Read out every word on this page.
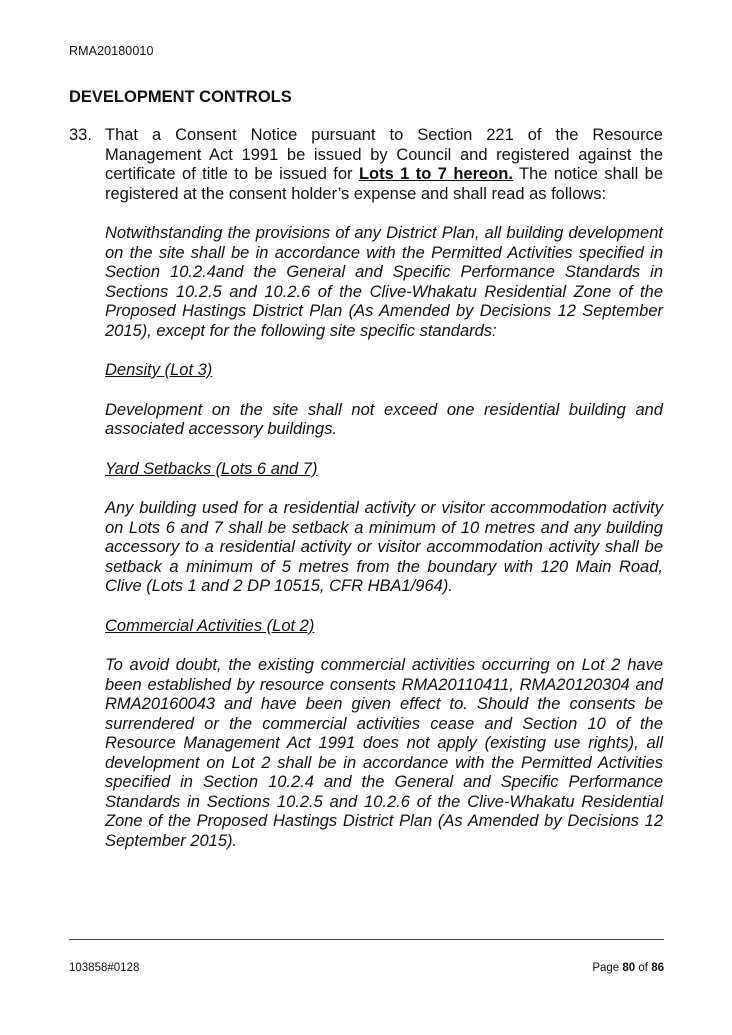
RMA20180010
DEVELOPMENT CONTROLS
33. That a Consent Notice pursuant to Section 221 of the Resource Management Act 1991 be issued by Council and registered against the certificate of title to be issued for Lots 1 to 7 hereon. The notice shall be registered at the consent holder’s expense and shall read as follows:

Notwithstanding the provisions of any District Plan, all building development on the site shall be in accordance with the Permitted Activities specified in Section 10.2.4and the General and Specific Performance Standards in Sections 10.2.5 and 10.2.6 of the Clive-Whakatu Residential Zone of the Proposed Hastings District Plan (As Amended by Decisions 12 September 2015), except for the following site specific standards:

Density (Lot 3)

Development on the site shall not exceed one residential building and associated accessory buildings.

Yard Setbacks (Lots 6 and 7)

Any building used for a residential activity or visitor accommodation activity on Lots 6 and 7 shall be setback a minimum of 10 metres and any building accessory to a residential activity or visitor accommodation activity shall be setback a minimum of 5 metres from the boundary with 120 Main Road, Clive (Lots 1 and 2 DP 10515, CFR HBA1/964).

Commercial Activities (Lot 2)

To avoid doubt, the existing commercial activities occurring on Lot 2 have been established by resource consents RMA20110411, RMA20120304 and RMA20160043 and have been given effect to. Should the consents be surrendered or the commercial activities cease and Section 10 of the Resource Management Act 1991 does not apply (existing use rights), all development on Lot 2 shall be in accordance with the Permitted Activities specified in Section 10.2.4 and the General and Specific Performance Standards in Sections 10.2.5 and 10.2.6 of the Clive-Whakatu Residential Zone of the Proposed Hastings District Plan (As Amended by Decisions 12 September 2015).

103858#0128	Page 80 of 86
